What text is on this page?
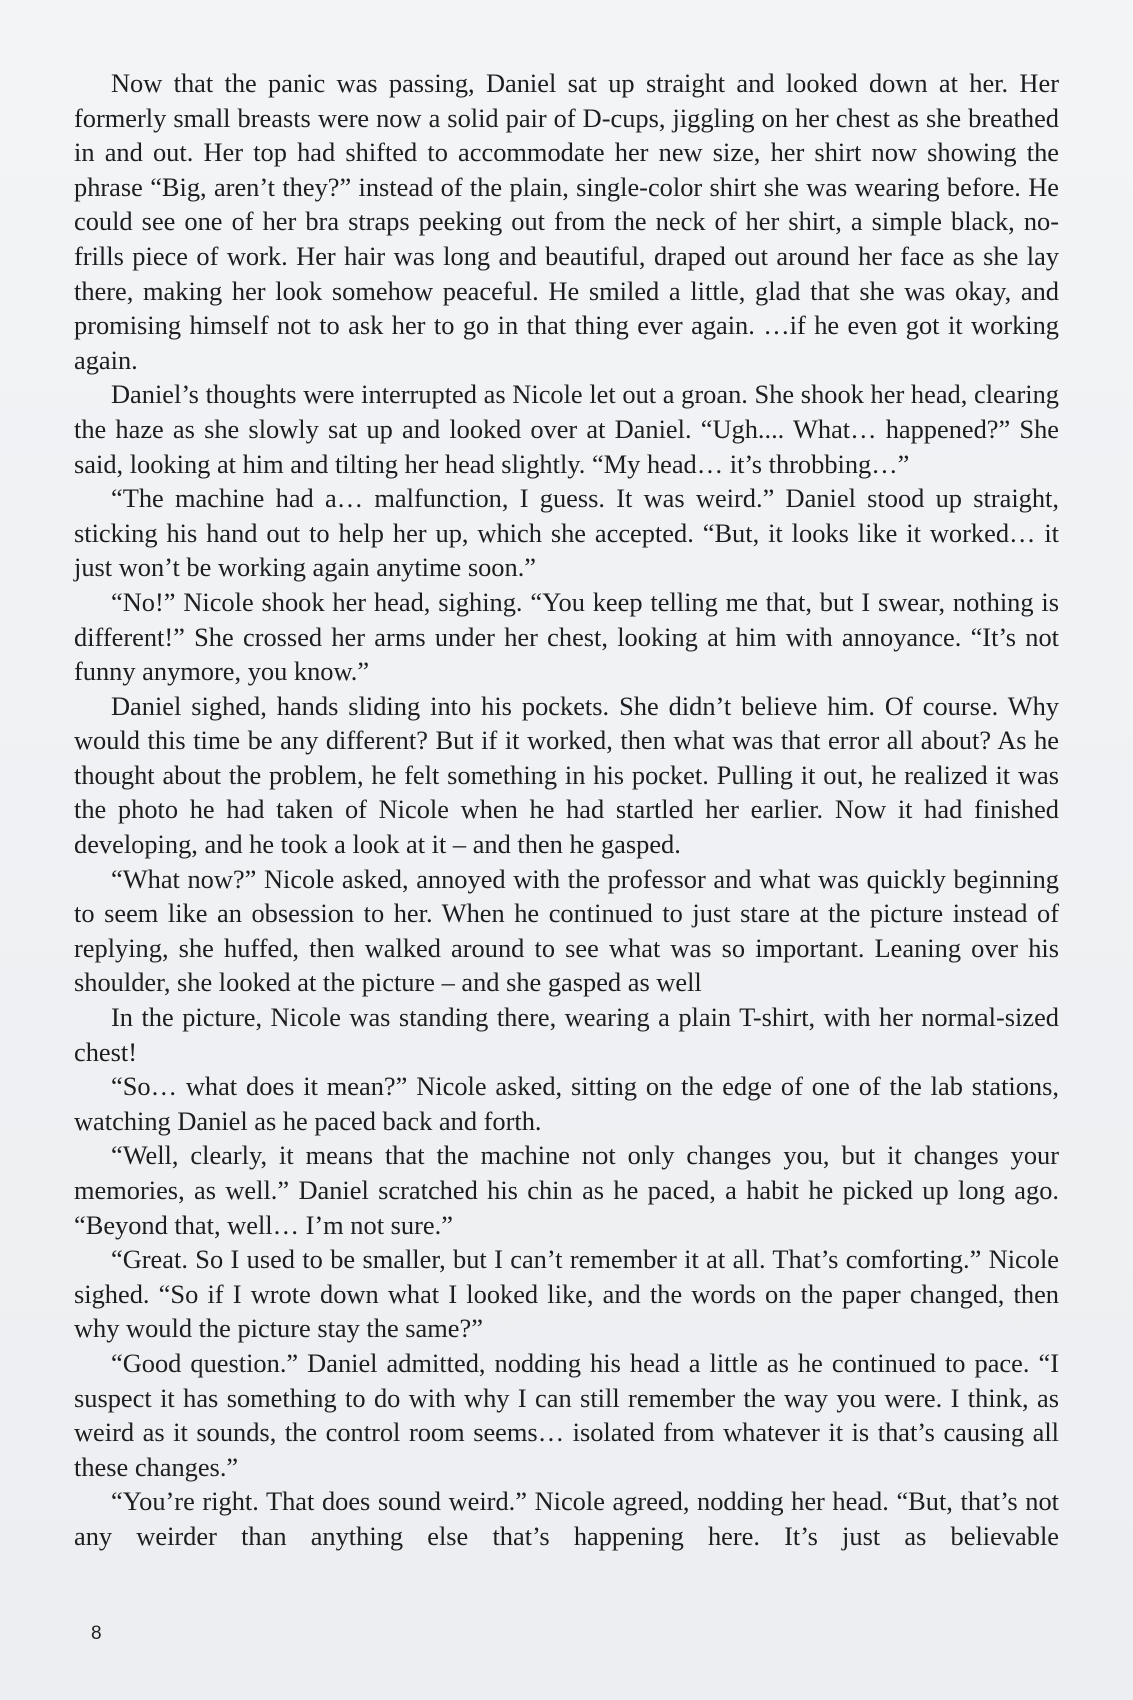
Now that the panic was passing, Daniel sat up straight and looked down at her. Her formerly small breasts were now a solid pair of D-cups, jiggling on her chest as she breathed in and out. Her top had shifted to accommodate her new size, her shirt now showing the phrase “Big, aren’t they?” instead of the plain, single-color shirt she was wearing before. He could see one of her bra straps peeking out from the neck of her shirt, a simple black, no-frills piece of work. Her hair was long and beautiful, draped out around her face as she lay there, making her look somehow peaceful. He smiled a little, glad that she was okay, and promising himself not to ask her to go in that thing ever again. …if he even got it working again.

Daniel’s thoughts were interrupted as Nicole let out a groan. She shook her head, clearing the haze as she slowly sat up and looked over at Daniel. “Ugh.... What… happened?” She said, looking at him and tilting her head slightly. “My head… it’s throbbing…”

“The machine had a… malfunction, I guess. It was weird.” Daniel stood up straight, sticking his hand out to help her up, which she accepted. “But, it looks like it worked… it just won’t be working again anytime soon.”

“No!” Nicole shook her head, sighing. “You keep telling me that, but I swear, nothing is different!” She crossed her arms under her chest, looking at him with annoyance. “It’s not funny anymore, you know.”

Daniel sighed, hands sliding into his pockets. She didn’t believe him. Of course. Why would this time be any different? But if it worked, then what was that error all about? As he thought about the problem, he felt something in his pocket. Pulling it out, he realized it was the photo he had taken of Nicole when he had startled her earlier. Now it had finished developing, and he took a look at it – and then he gasped.

“What now?” Nicole asked, annoyed with the professor and what was quickly beginning to seem like an obsession to her. When he continued to just stare at the picture instead of replying, she huffed, then walked around to see what was so important. Leaning over his shoulder, she looked at the picture – and she gasped as well

In the picture, Nicole was standing there, wearing a plain T-shirt, with her normal-sized chest!

“So… what does it mean?” Nicole asked, sitting on the edge of one of the lab stations, watching Daniel as he paced back and forth.

“Well, clearly, it means that the machine not only changes you, but it changes your memories, as well.” Daniel scratched his chin as he paced, a habit he picked up long ago. “Beyond that, well… I’m not sure.”

“Great. So I used to be smaller, but I can’t remember it at all. That’s comforting.” Nicole sighed. “So if I wrote down what I looked like, and the words on the paper changed, then why would the picture stay the same?”

“Good question.” Daniel admitted, nodding his head a little as he continued to pace. “I suspect it has something to do with why I can still remember the way you were. I think, as weird as it sounds, the control room seems… isolated from whatever it is that’s causing all these changes.”

“You’re right. That does sound weird.” Nicole agreed, nodding her head. “But, that’s not any weirder than anything else that’s happening here. It’s just as believable

8
